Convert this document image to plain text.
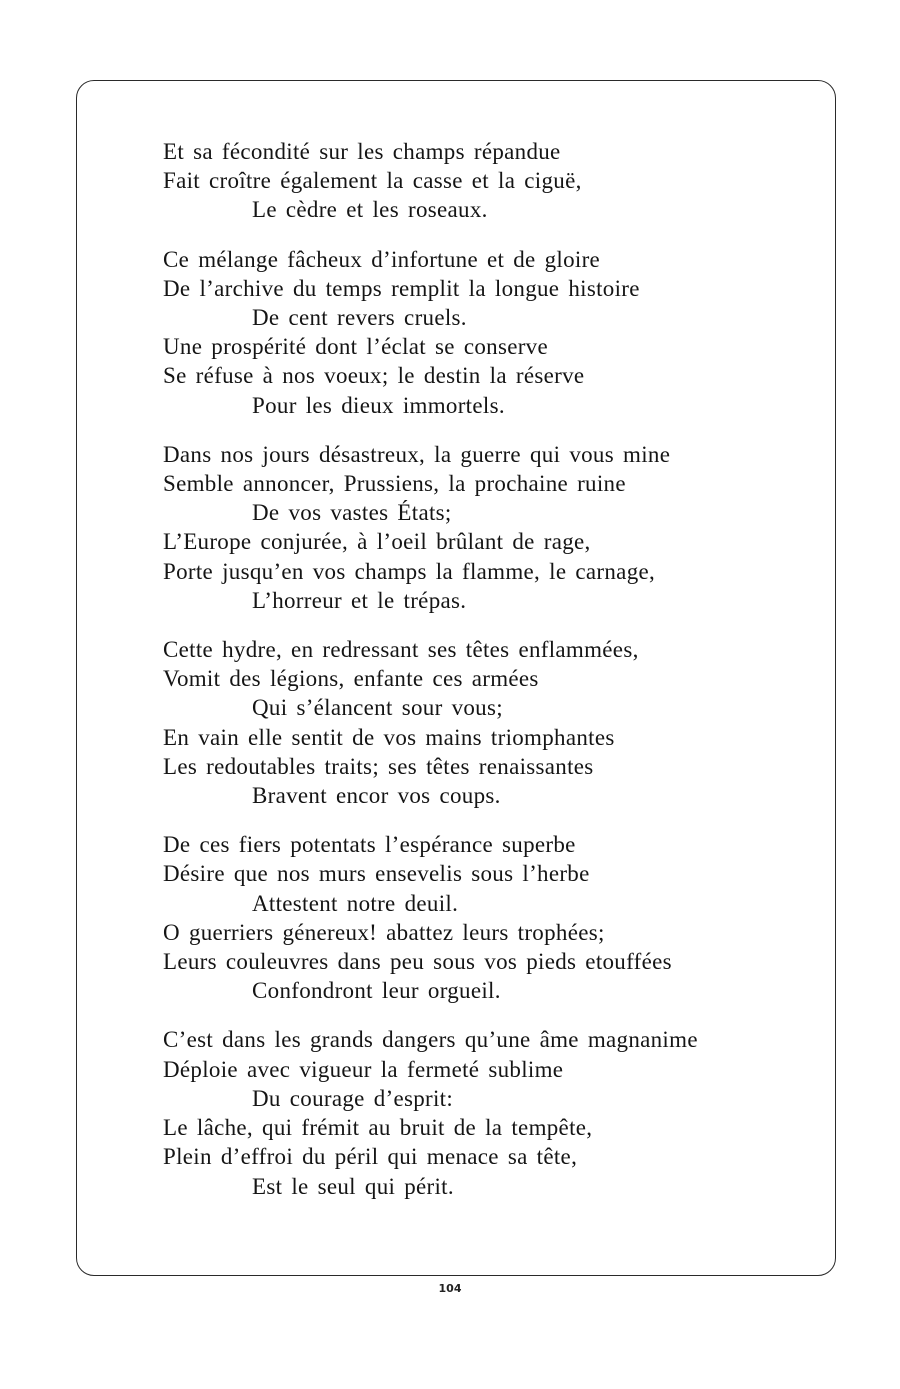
Et sa fécondité sur les champs répandue
Fait croître également la casse et la ciguë,
Le cèdre et les roseaux.
Ce mélange fâcheux d’infortune et de gloire
De l’archive du temps remplit la longue histoire
De cent revers cruels.
Une prospérité dont l’éclat se conserve
Se réfuse à nos voeux; le destin la réserve
Pour les dieux immortels.
Dans nos jours désastreux, la guerre qui vous mine
Semble annoncer, Prussiens, la prochaine ruine
De vos vastes États;
L’Europe conjurée, à l’oeil brûlant de rage,
Porte jusqu’en vos champs la flamme, le carnage,
L’horreur et le trépas.
Cette hydre, en redressant ses têtes enflammées,
Vomit des légions, enfante ces armées
Qui s’élancent sour vous;
En vain elle sentit de vos mains triomphantes
Les redoutables traits; ses têtes renaissantes
Bravent encor vos coups.
De ces fiers potentats l’espérance superbe
Désire que nos murs ensevelis sous l’herbe
Attestent notre deuil.
O guerriers génereux! abattez leurs trophées;
Leurs couleuvres dans peu sous vos pieds etouffées
Confondront leur orgueil.
C’est dans les grands dangers qu’une âme magnanime
Déploie avec vigueur la fermeté sublime
Du courage d’esprit:
Le lâche, qui frémit au bruit de la tempête,
Plein d’effroi du péril qui menace sa tête,
Est le seul qui périt.
104
